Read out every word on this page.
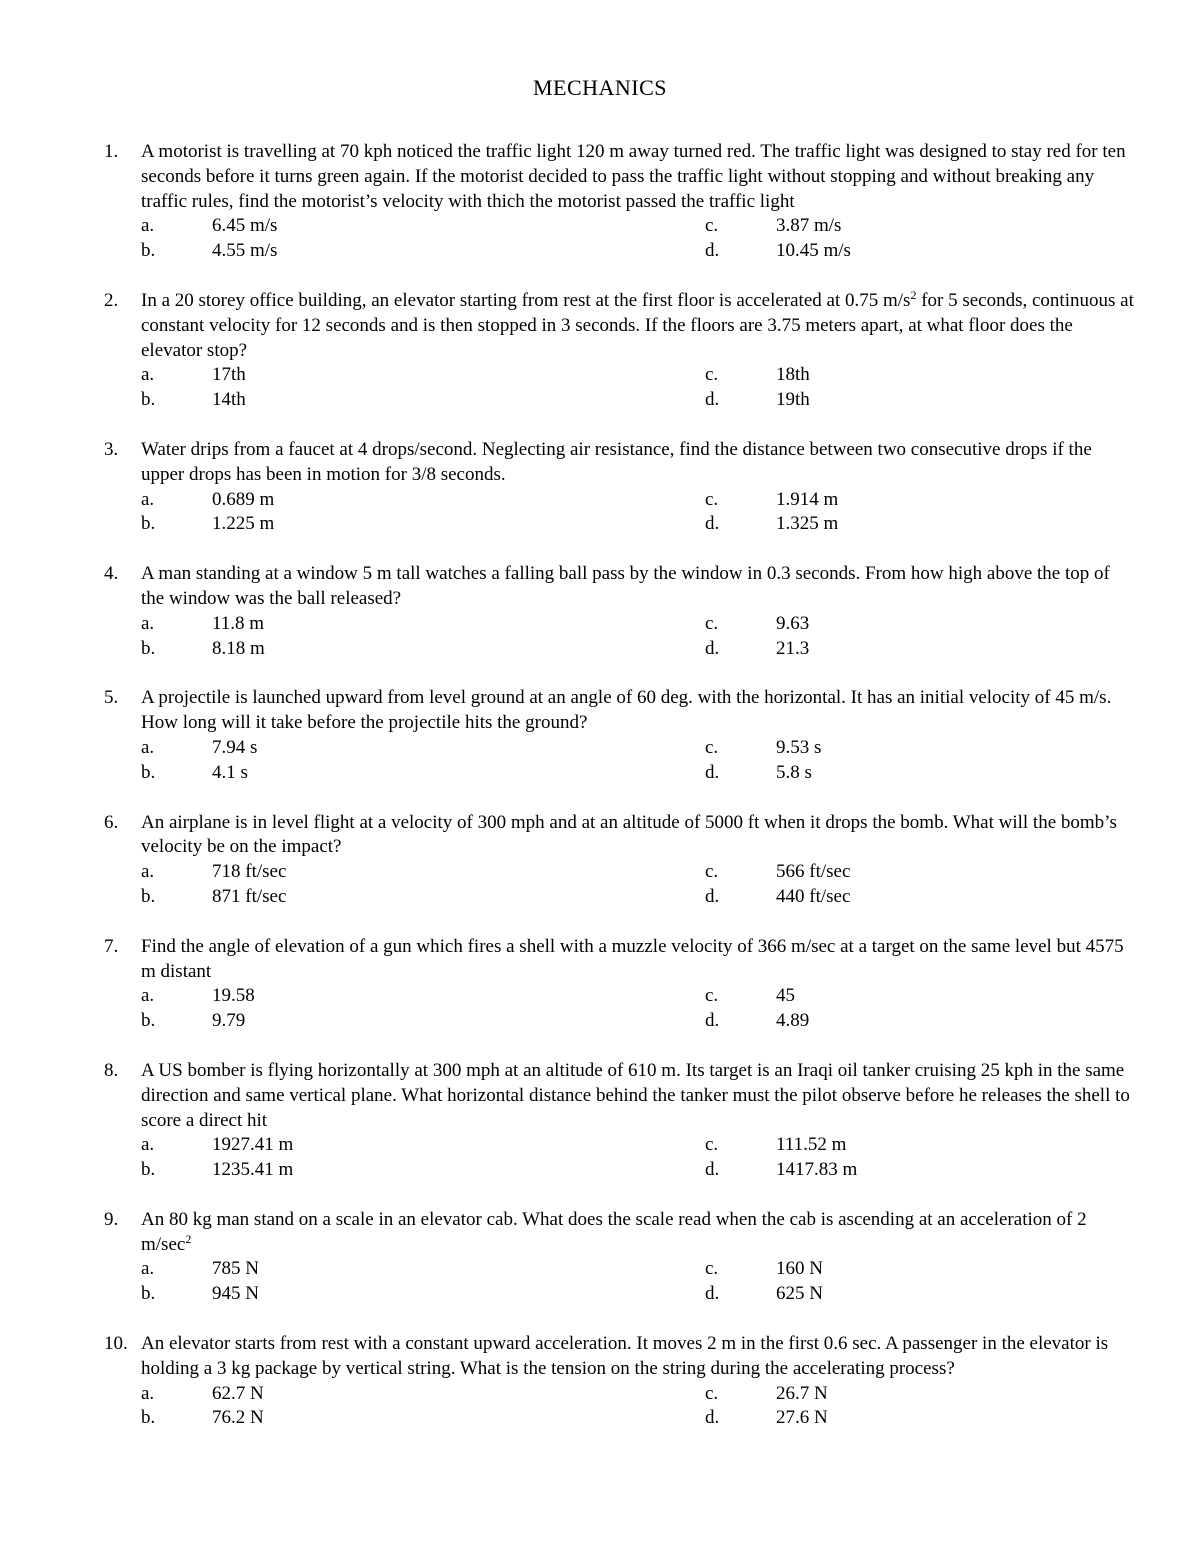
MECHANICS
1.	A motorist is travelling at 70 kph noticed the traffic light 120 m away turned red. The traffic light was designed to stay red for ten seconds before it turns green again. If the motorist decided to pass the traffic light without stopping and without breaking any traffic rules, find the motorist’s velocity with thich the motorist passed the traffic light
a.	6.45 m/s
b.	4.55 m/s
c.	3.87 m/s
d.	10.45 m/s
2.	In a 20 storey office building, an elevator starting from rest at the first floor is accelerated at 0.75 $m/s^2$ for 5 seconds, continuous at constant velocity for 12 seconds and is then stopped in 3 seconds. If the floors are 3.75 meters apart, at what floor does the elevator stop?
a.	17th
b.	14th
c.	18th
d.	19th
3.	Water drips from a faucet at 4 drops/second. Neglecting air resistance, find the distance between two consecutive drops if the upper drops has been in motion for 3/8 seconds.
a.	0.689 m
b.	1.225 m
c.	1.914 m
d.	1.325 m
4.	A man standing at a window 5 m tall watches a falling ball pass by the window in 0.3 seconds. From how high above the top of the window was the ball released?
a.	11.8 m
b.	8.18 m
c.	9.63
d.	21.3
5.	A projectile is launched upward from level ground at an angle of 60 deg. with the horizontal. It has an initial velocity of 45 m/s. How long will it take before the projectile hits the ground?
a.	7.94 s
b.	4.1 s
c.	9.53 s
d.	5.8 s
6.	An airplane is in level flight at a velocity of 300 mph and at an altitude of 5000 ft when it drops the bomb. What will the bomb’s velocity be on the impact?
a.	718 ft/sec
b.	871 ft/sec
c.	566 ft/sec
d.	440 ft/sec
7.	Find the angle of elevation of a gun which fires a shell with a muzzle velocity of 366 m/sec at a target on the same level but 4575 m distant
a.	19.58
b.	9.79
c.	45
d.	4.89
8.	A US bomber is flying horizontally at 300 mph at an altitude of 610 m. Its target is an Iraqi oil tanker cruising 25 kph in the same direction and same vertical plane. What horizontal distance behind the tanker must the pilot observe before he releases the shell to score a direct hit
a.	1927.41 m
b.	1235.41 m
c.	111.52 m
d.	1417.83 m
9.	An 80 kg man stand on a scale in an elevator cab. What does the scale read when the cab is ascending at an acceleration of 2 $m/\sec^2$
a.	785 N
b.	945 N
c.	160 N
d.	625 N
10. An elevator starts from rest with a constant upward acceleration. It moves 2 m in the first 0.6 sec. A passenger in the elevator is holding a 3 kg package by vertical string. What is the tension on the string during the accelerating process?
a.	62.7 N
b.	76.2 N
c.	26.7 N
d.	27.6 N
